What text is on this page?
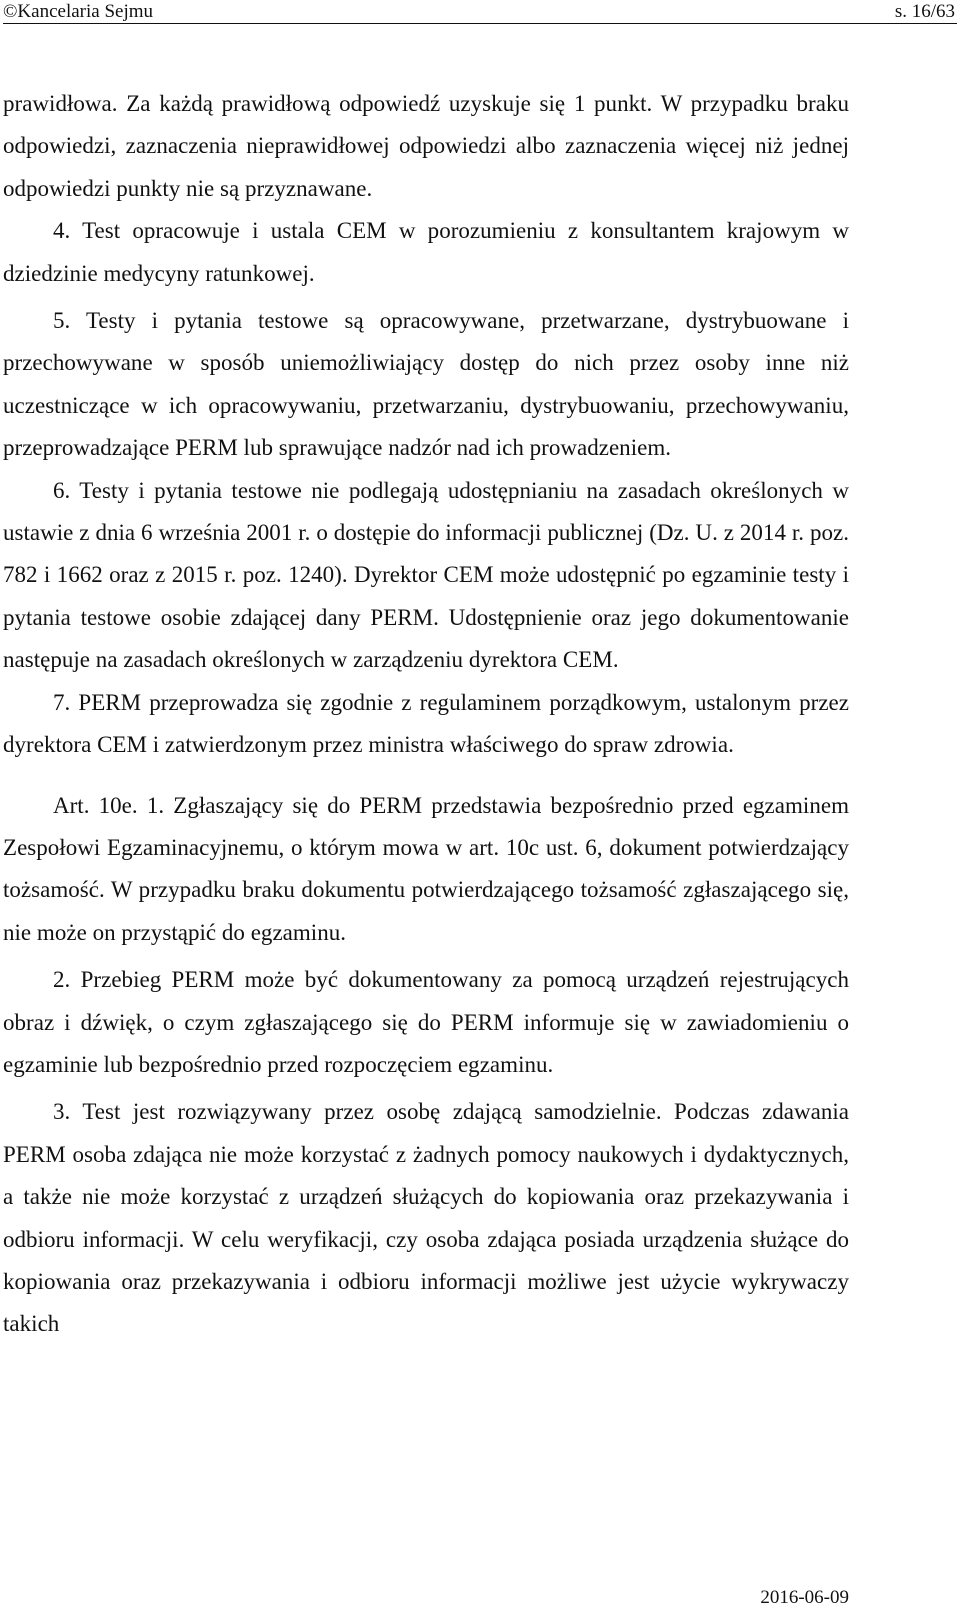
©Kancelaria Sejmu	s. 16/63

prawidłowa. Za każdą prawidłową odpowiedź uzyskuje się 1 punkt. W przypadku braku odpowiedzi, zaznaczenia nieprawidłowej odpowiedzi albo zaznaczenia więcej niż jednej odpowiedzi punkty nie są przyznawane.

4. Test opracowuje i ustala CEM w porozumieniu z konsultantem krajowym w dziedzinie medycyny ratunkowej.

5. Testy i pytania testowe są opracowywane, przetwarzane, dystrybuowane i przechowywane w sposób uniemożliwiający dostęp do nich przez osoby inne niż uczestniczące w ich opracowywaniu, przetwarzaniu, dystrybuowaniu, przechowywaniu, przeprowadzające PERM lub sprawujące nadzór nad ich prowadzeniem.

6. Testy i pytania testowe nie podlegają udostępnianiu na zasadach określonych w ustawie z dnia 6 września 2001 r. o dostępie do informacji publicznej (Dz. U. z 2014 r. poz. 782 i 1662 oraz z 2015 r. poz. 1240). Dyrektor CEM może udostępnić po egzaminie testy i pytania testowe osobie zdającej dany PERM. Udostępnienie oraz jego dokumentowanie następuje na zasadach określonych w zarządzeniu dyrektora CEM.

7. PERM przeprowadza się zgodnie z regulaminem porządkowym, ustalonym przez dyrektora CEM i zatwierdzonym przez ministra właściwego do spraw zdrowia.

Art. 10e. 1. Zgłaszający się do PERM przedstawia bezpośrednio przed egzaminem Zespołowi Egzaminacyjnemu, o którym mowa w art. 10c ust. 6, dokument potwierdzający tożsamość. W przypadku braku dokumentu potwierdzającego tożsamość zgłaszającego się, nie może on przystąpić do egzaminu.

2. Przebieg PERM może być dokumentowany za pomocą urządzeń rejestrujących obraz i dźwięk, o czym zgłaszającego się do PERM informuje się w zawiadomieniu o egzaminie lub bezpośrednio przed rozpoczęciem egzaminu.

3. Test jest rozwiązywany przez osobę zdającą samodzielnie. Podczas zdawania PERM osoba zdająca nie może korzystać z żadnych pomocy naukowych i dydaktycznych, a także nie może korzystać z urządzeń służących do kopiowania oraz przekazywania i odbioru informacji. W celu weryfikacji, czy osoba zdająca posiada urządzenia służące do kopiowania oraz przekazywania i odbioru informacji możliwe jest użycie wykrywaczy takich

2016-06-09
